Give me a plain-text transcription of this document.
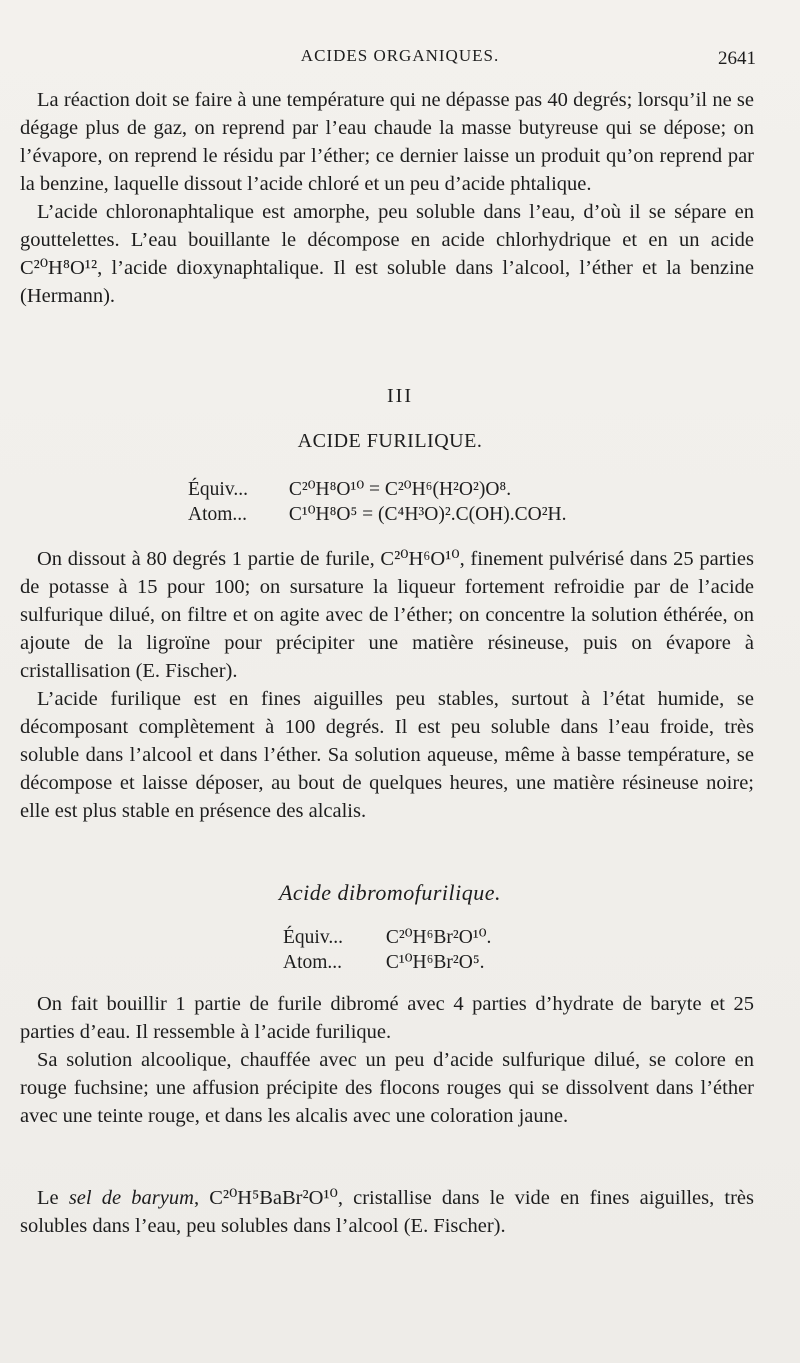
ACIDES ORGANIQUES.	2641

La réaction doit se faire à une température qui ne dépasse pas 40 degrés; lorsqu’il ne se dégage plus de gaz, on reprend par l’eau chaude la masse butyreuse qui se dépose; on l’évapore, on reprend le résidu par l’éther; ce dernier laisse un produit qu’on reprend par la benzine, laquelle dissout l’acide chloré et un peu d’acide phtalique.

L’acide chloronaphtalique est amorphe, peu soluble dans l’eau, d’où il se sépare en gouttelettes. L’eau bouillante le décompose en acide chlorhydrique et en un acide C²⁰H⁸O¹², l’acide dioxynaphtalique. Il est soluble dans l’alcool, l’éther et la benzine (Hermann).

III
ACIDE FURILIQUE.
Équiv... C²⁰H⁸O¹⁰ = C²⁰H⁶(H²O²)O⁸.
Atom... C¹⁰H⁸O⁵ = (C⁴H³O)².C(OH).CO²H.

On dissout à 80 degrés 1 partie de furile, C²⁰H⁶O¹⁰, finement pulvérisé dans 25 parties de potasse à 15 pour 100; on sursature la liqueur fortement refroidie par de l’acide sulfurique dilué, on filtre et on agite avec de l’éther; on concentre la solution éthérée, on ajoute de la ligroïne pour précipiter une matière résineuse, puis on évapore à cristallisation (E. Fischer).

L’acide furilique est en fines aiguilles peu stables, surtout à l’état humide, se décomposant complètement à 100 degrés. Il est peu soluble dans l’eau froide, très soluble dans l’alcool et dans l’éther. Sa solution aqueuse, même à basse température, se décompose et laisse déposer, au bout de quelques heures, une matière résineuse noire; elle est plus stable en présence des alcalis.

Acide dibromofurilique.
Équiv... C²⁰H⁶Br²O¹⁰.
Atom... C¹⁰H⁶Br²O⁵.

On fait bouillir 1 partie de furile dibromé avec 4 parties d’hydrate de baryte et 25 parties d’eau. Il ressemble à l’acide furilique.

Sa solution alcoolique, chauffée avec un peu d’acide sulfurique dilué, se colore en rouge fuchsine; une affusion précipite des flocons rouges qui se dissolvent dans l’éther avec une teinte rouge, et dans les alcalis avec une coloration jaune.

Le sel de baryum, C²⁰H⁵BaBr²O¹⁰, cristallise dans le vide en fines aiguilles, très solubles dans l’eau, peu solubles dans l’alcool (E. Fischer).
